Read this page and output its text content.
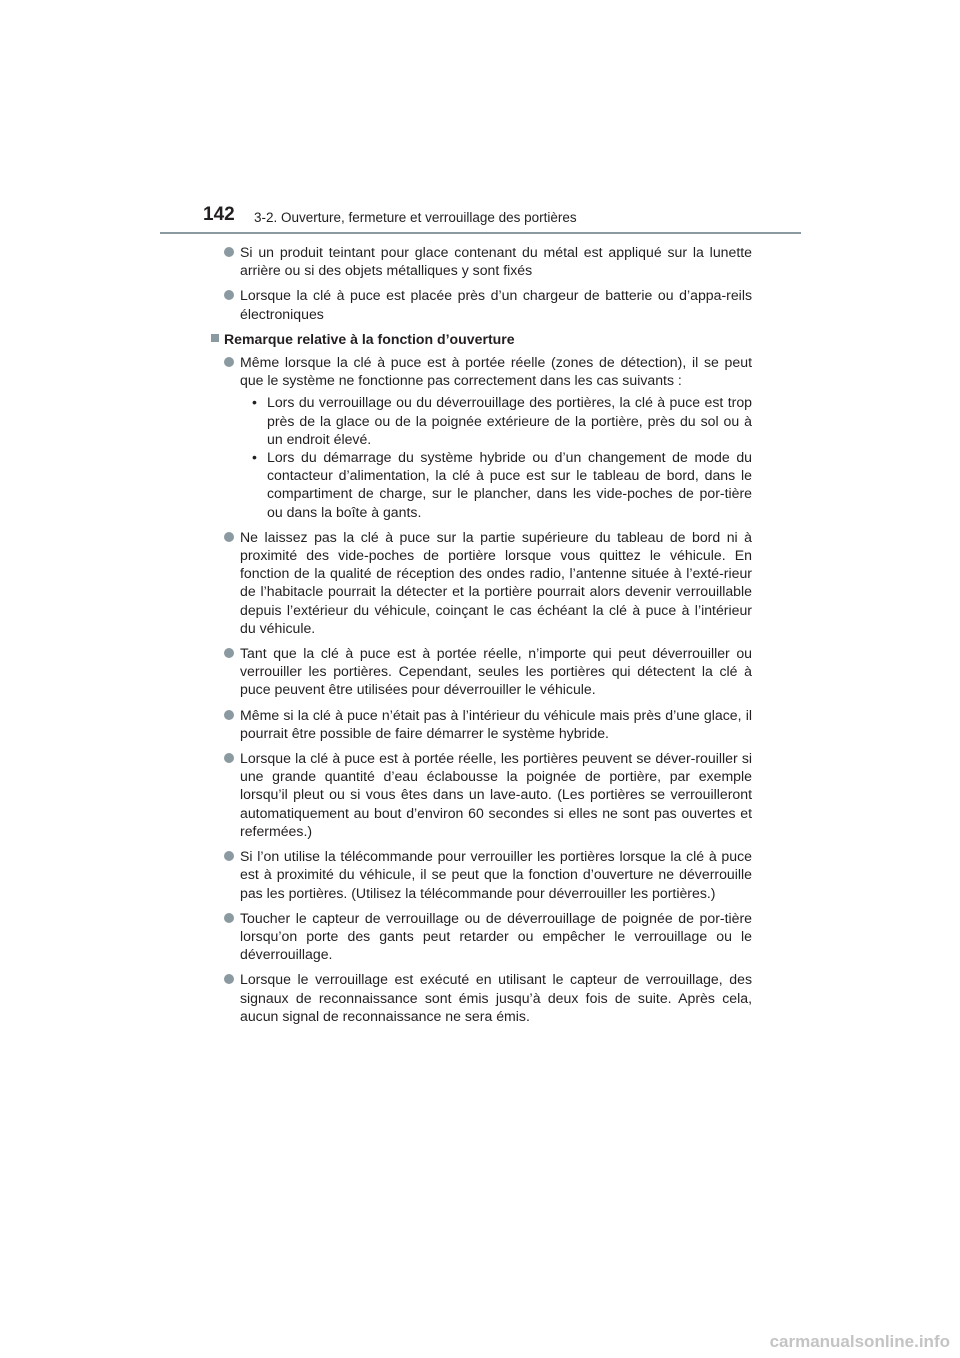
142 3-2. Ouverture, fermeture et verrouillage des portières
Si un produit teintant pour glace contenant du métal est appliqué sur la lunette arrière ou si des objets métalliques y sont fixés
Lorsque la clé à puce est placée près d’un chargeur de batterie ou d’appa-reils électroniques
Remarque relative à la fonction d’ouverture
Même lorsque la clé à puce est à portée réelle (zones de détection), il se peut que le système ne fonctionne pas correctement dans les cas suivants :
• Lors du verrouillage ou du déverrouillage des portières, la clé à puce est trop près de la glace ou de la poignée extérieure de la portière, près du sol ou à un endroit élevé.
• Lors du démarrage du système hybride ou d’un changement de mode du contacteur d’alimentation, la clé à puce est sur le tableau de bord, dans le compartiment de charge, sur le plancher, dans les vide-poches de por-tière ou dans la boîte à gants.
Ne laissez pas la clé à puce sur la partie supérieure du tableau de bord ni à proximité des vide-poches de portière lorsque vous quittez le véhicule. En fonction de la qualité de réception des ondes radio, l’antenne située à l’exté-rieur de l’habitacle pourrait la détecter et la portière pourrait alors devenir verrouillable depuis l’extérieur du véhicule, coinçant le cas échéant la clé à puce à l’intérieur du véhicule.
Tant que la clé à puce est à portée réelle, n’importe qui peut déverrouiller ou verrouiller les portières. Cependant, seules les portières qui détectent la clé à puce peuvent être utilisées pour déverrouiller le véhicule.
Même si la clé à puce n’était pas à l’intérieur du véhicule mais près d’une glace, il pourrait être possible de faire démarrer le système hybride.
Lorsque la clé à puce est à portée réelle, les portières peuvent se déver-rouiller si une grande quantité d’eau éclabousse la poignée de portière, par exemple lorsqu’il pleut ou si vous êtes dans un lave-auto. (Les portières se verrouilleront automatiquement au bout d’environ 60 secondes si elles ne sont pas ouvertes et refermées.)
Si l’on utilise la télécommande pour verrouiller les portières lorsque la clé à puce est à proximité du véhicule, il se peut que la fonction d’ouverture ne déverrouille pas les portières. (Utilisez la télécommande pour déverrouiller les portières.)
Toucher le capteur de verrouillage ou de déverrouillage de poignée de por-tière lorsqu’on porte des gants peut retarder ou empêcher le verrouillage ou le déverrouillage.
Lorsque le verrouillage est exécuté en utilisant le capteur de verrouillage, des signaux de reconnaissance sont émis jusqu’à deux fois de suite. Après cela, aucun signal de reconnaissance ne sera émis.
carmanualsonline.info
